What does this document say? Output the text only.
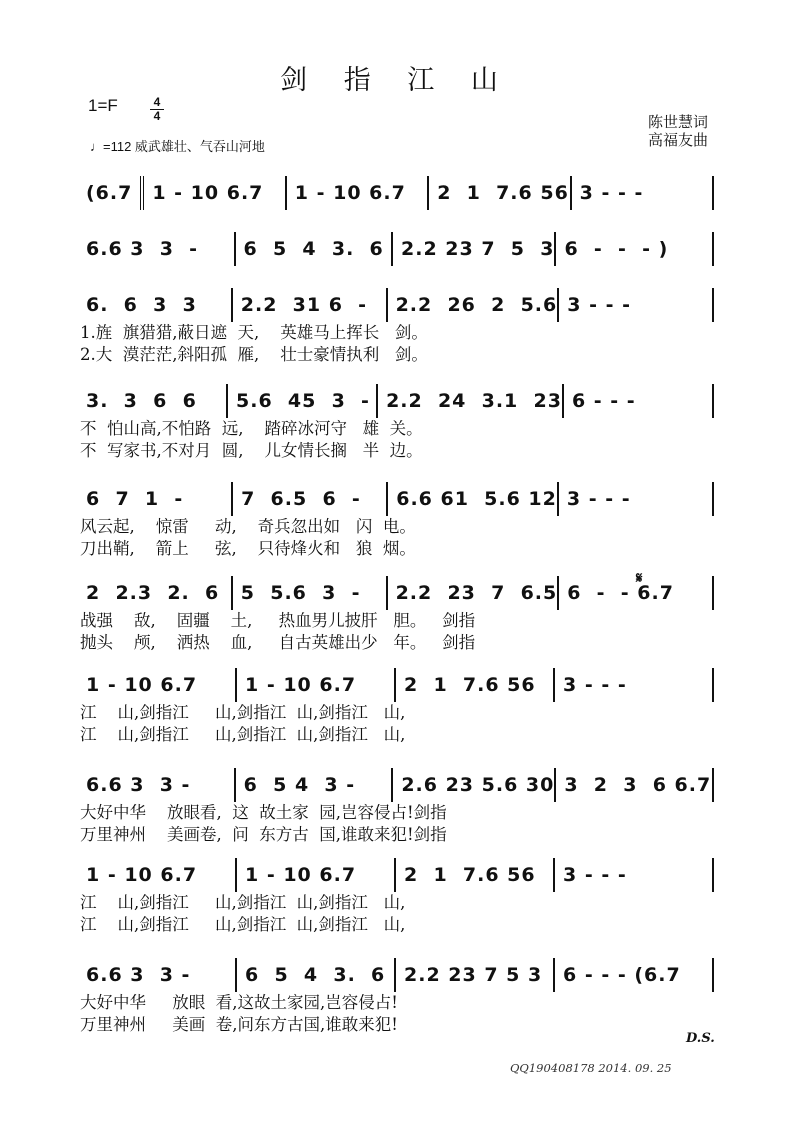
剑 指 江 山
1=F	4
4
♩=112 威武雄壮、气吞山河地
陈世慧词
高福友曲
(6.7	1 - 10 6.7	1 - 10 6.7	2  1  7.6 56 3 - - -
6.6 3  3  -	6  5  4  3.  6 2.2 23 7  5  3 6  -  -  - )
6.  6  3  3	2.2  31 6  -	2.2  26  2  5.6 3 - - -
1.旌  旗猎猎,蔽日遮  天,    英雄马上挥长   剑。
2.大  漠茫茫,斜阳孤  雁,    壮士豪情执利   剑。
3.  3  6  6	5.6  45  3  - 2.2  24  3.1  23 6 - - -
不  怕山高,不怕路  远,    踏碎冰河守   雄  关。
不  写家书,不对月  圆,    儿女情长搁   半  边。
6  7  1  -	7  6.5  6  -	6.6 61  5.6 12 3 - - -
风云起,    惊雷     动,    奇兵忽出如   闪  电。
刀出鞘,    箭上     弦,    只待烽火和   狼  烟。
2  2.3  2.  6	5  5.6  3  -	2.2  23  7  6.5 6  -  - 6.7
战强    敌,    固疆    土,     热血男儿披肝   胆。   剑指
抛头    颅,    洒热    血,     自古英雄出少   年。   剑指
1 - 10 6.7	1 - 10 6.7	2  1  7.6 56	3 - - -
江    山,剑指江     山,剑指江  山,剑指江   山,
江    山,剑指江     山,剑指江  山,剑指江   山,
6.6 3  3 -	6  5 4  3 -	2.6 23 5.6 30 3  2  3  6 6.7
大好中华    放眼看,  这  故土家  园,岂容侵占!剑指
万里神州    美画卷,  问  东方古  国,谁敢来犯!剑指
1 - 10 6.7	1 - 10 6.7	2  1  7.6 56	3 - - -
江    山,剑指江     山,剑指江  山,剑指江   山,
江    山,剑指江     山,剑指江  山,剑指江   山,
6.6 3  3 -	6  5  4  3.  6 2.2 23 7 5 3	6 - - - (6.7
大好中华     放眼  看,这故土家园,岂容侵占!
万里神州     美画  卷,问东方古国,谁敢来犯!
𝄋
D.S.
QQ190408178 2014. 09. 25
